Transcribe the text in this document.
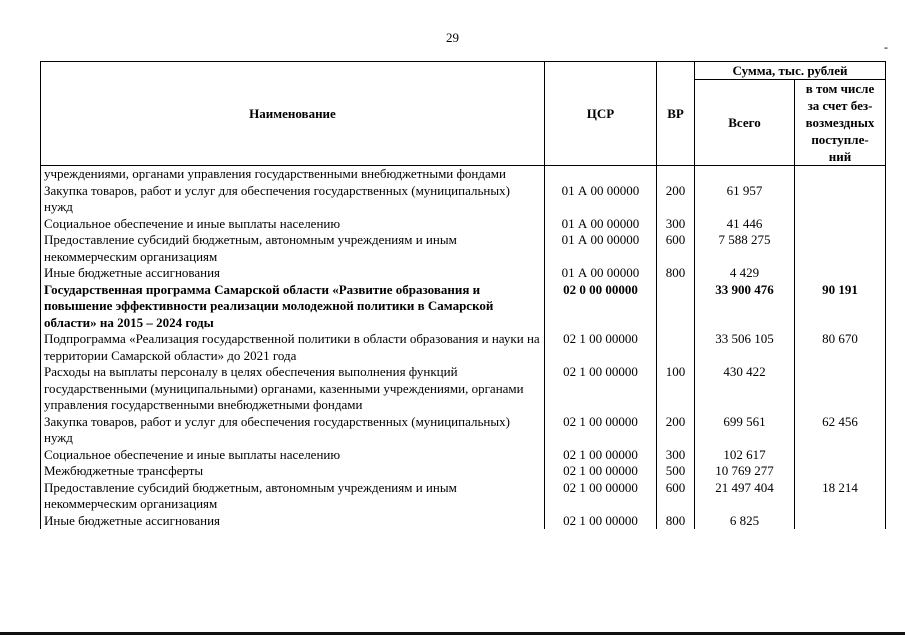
29
-
Наименование	ЦСР	ВР	Сумма, тыс. рублей	
			Всего	в том числе
за счет без-
возмездных
поступле-
ний
учреждениями, органами управления государственными внебюджетными фондами				
Закупка товаров, работ и услуг для обеспечения государственных (муниципальных) нужд	01 А 00 00000	200	61 957	
Социальное обеспечение и иные выплаты населению	01 А 00 00000	300	41 446	
Предоставление субсидий бюджетным, автономным учреждениям и иным некоммерческим организациям	01 А 00 00000	600	7 588 275	
Иные бюджетные ассигнования	01 А 00 00000	800	4 429	
Государственная программа Самарской области «Развитие образования и повышение эффективности реализации молодежной политики в Самарской области» на 2015 – 2024 годы	02 0 00 00000		33 900 476	90 191
Подпрограмма «Реализация государственной политики в области образования и науки на территории Самарской области» до 2021 года	02 1 00 00000		33 506 105	80 670
Расходы на выплаты персоналу в целях обеспечения выполнения функций государственными (муниципальными) органами, казенными учреждениями, органами управления государственными внебюджетными фондами	02 1 00 00000	100	430 422	
Закупка товаров, работ и услуг для обеспечения государственных (муниципальных) нужд	02 1 00 00000	200	699 561	62 456
Социальное обеспечение и иные выплаты населению	02 1 00 00000	300	102 617	
Межбюджетные трансферты	02 1 00 00000	500	10 769 277	
Предоставление субсидий бюджетным, автономным учреждениям и иным некоммерческим организациям	02 1 00 00000	600	21 497 404	18 214
Иные бюджетные ассигнования	02 1 00 00000	800	6 825	
